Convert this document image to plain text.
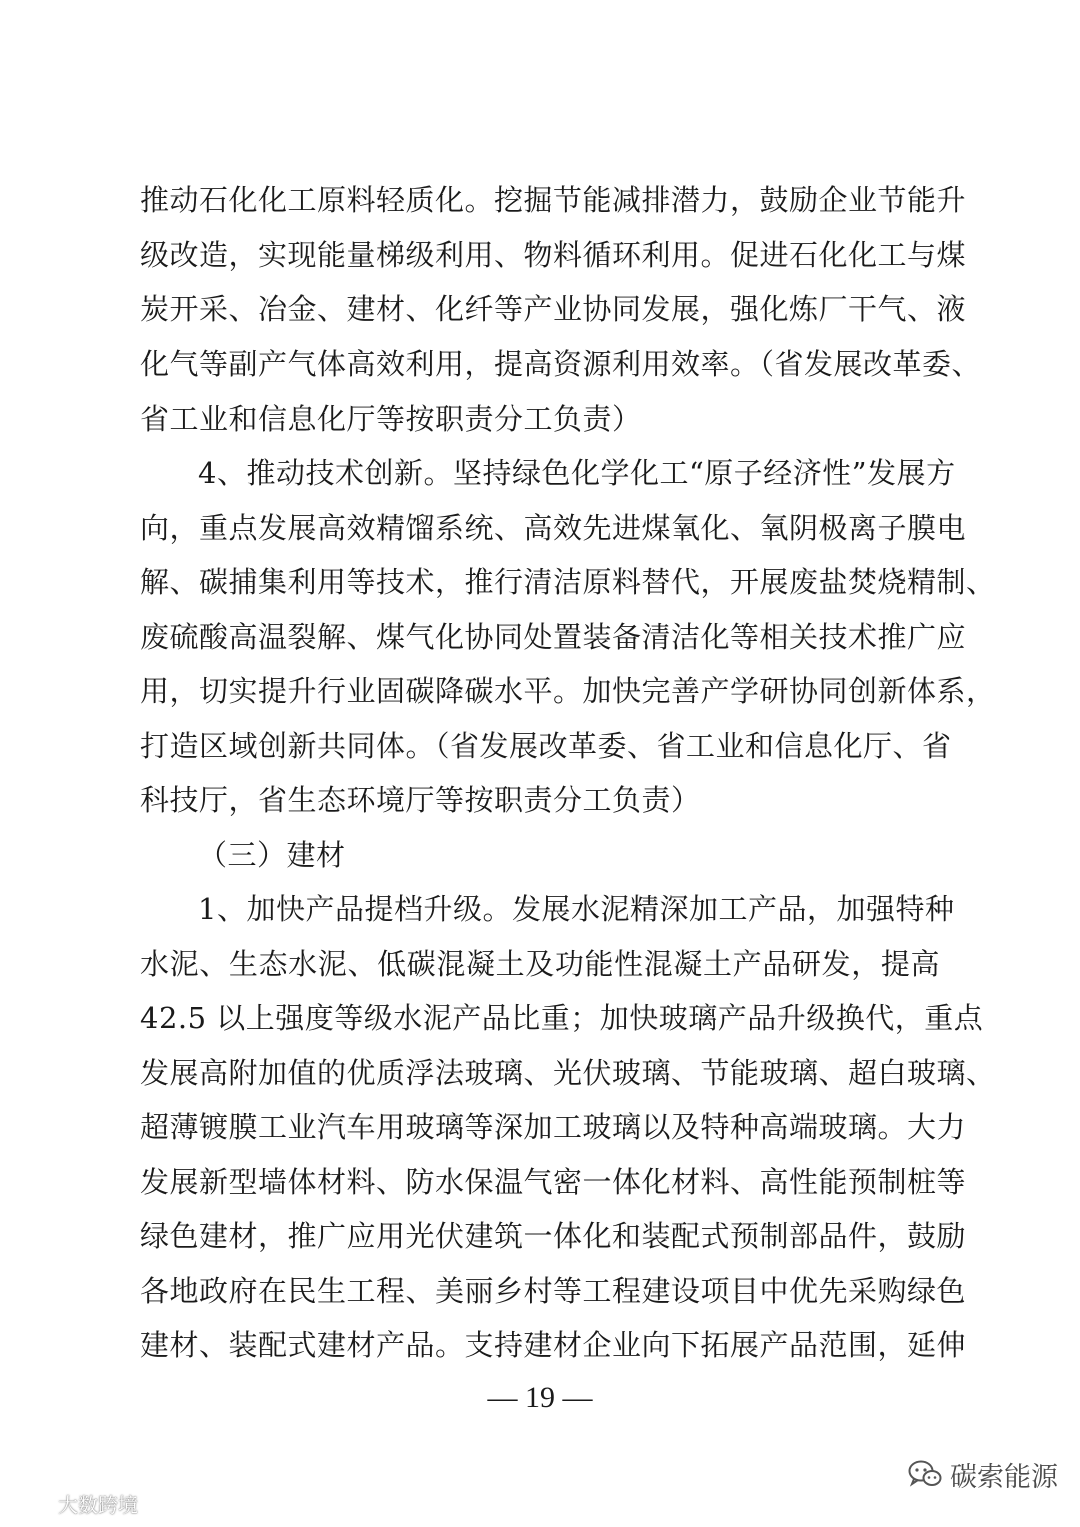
推动石化化工原料轻质化。挖掘节能减排潜力，鼓励企业节能升
级改造，实现能量梯级利用、物料循环利用。促进石化化工与煤
炭开采、冶金、建材、化纤等产业协同发展，强化炼厂干气、液
化气等副产气体高效利用，提高资源利用效率。（省发展改革委、
省工业和信息化厅等按职责分工负责）
4、推动技术创新。坚持绿色化学化工“原子经济性”发展方
向，重点发展高效精馏系统、高效先进煤氧化、氧阴极离子膜电
解、碳捕集利用等技术，推行清洁原料替代，开展废盐焚烧精制、
废硫酸高温裂解、煤气化协同处置装备清洁化等相关技术推广应
用，切实提升行业固碳降碳水平。加快完善产学研协同创新体系，
打造区域创新共同体。（省发展改革委、省工业和信息化厅、省
科技厅，省生态环境厅等按职责分工负责）
（三）建材
1、加快产品提档升级。发展水泥精深加工产品，加强特种
水泥、生态水泥、低碳混凝土及功能性混凝土产品研发，提高
42.5 以上强度等级水泥产品比重；加快玻璃产品升级换代，重点
发展高附加值的优质浮法玻璃、光伏玻璃、节能玻璃、超白玻璃、
超薄镀膜工业汽车用玻璃等深加工玻璃以及特种高端玻璃。大力
发展新型墙体材料、防水保温气密一体化材料、高性能预制桩等
绿色建材，推广应用光伏建筑一体化和装配式预制部品件，鼓励
各地政府在民生工程、美丽乡村等工程建设项目中优先采购绿色
建材、装配式建材产品。支持建材企业向下拓展产品范围，延伸
— 19 —
大数跨境
碳索能源
